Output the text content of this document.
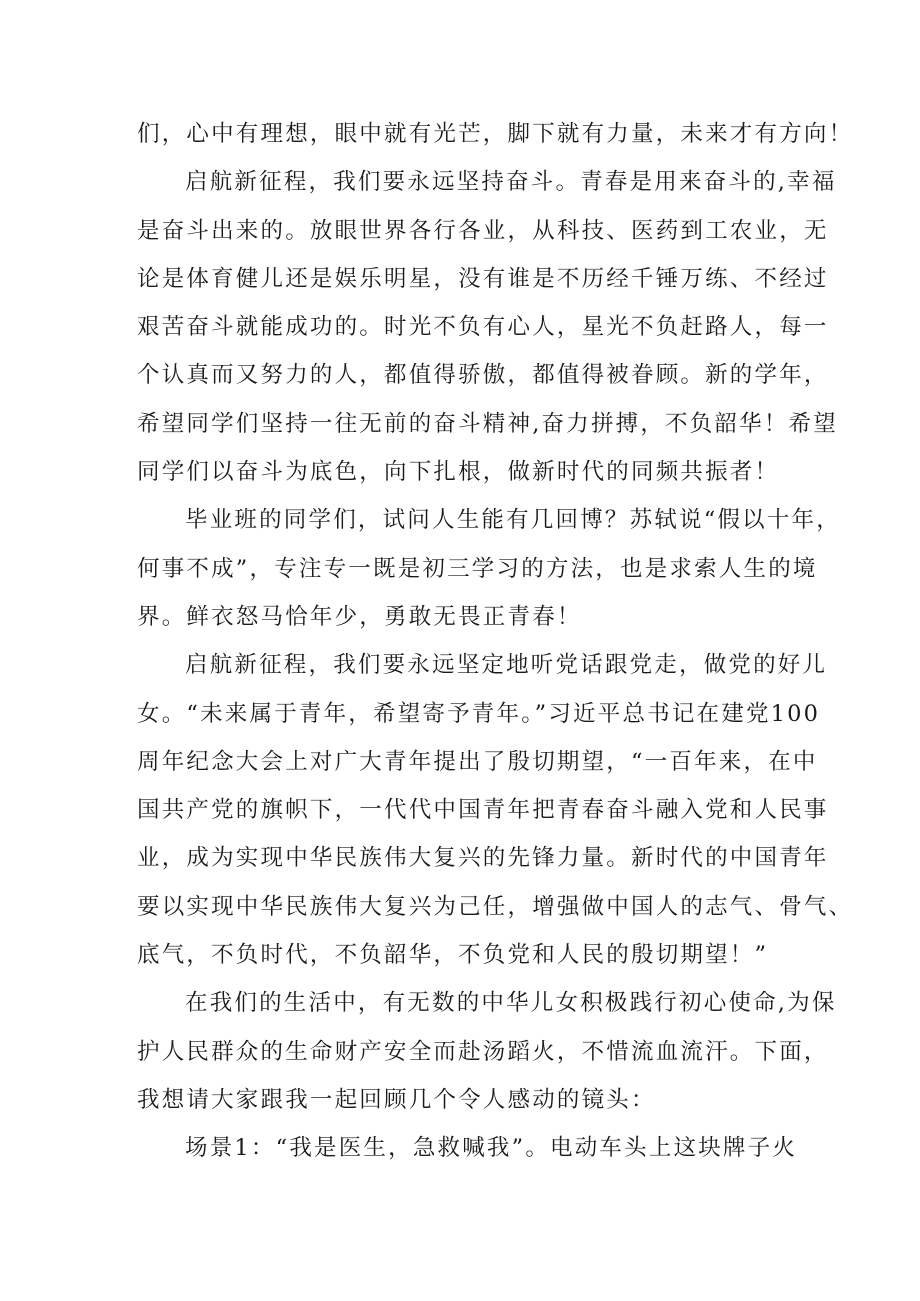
们，心中有理想，眼中就有光芒，脚下就有力量，未来才有方向！
启航新征程，我们要永远坚持奋斗。青春是用来奋斗的,幸福
是奋斗出来的。放眼世界各行各业，从科技、医药到工农业，无
论是体育健儿还是娱乐明星，没有谁是不历经千锤万练、不经过
艰苦奋斗就能成功的。时光不负有心人，星光不负赶路人，每一
个认真而又努力的人，都值得骄傲，都值得被眷顾。新的学年，
希望同学们坚持一往无前的奋斗精神,奋力拼搏，不负韶华！希望
同学们以奋斗为底色，向下扎根，做新时代的同频共振者！
毕业班的同学们，试问人生能有几回博？苏轼说“假以十年，
何事不成”，专注专一既是初三学习的方法，也是求索人生的境
界。鲜衣怒马恰年少，勇敢无畏正青春！
启航新征程，我们要永远坚定地听党话跟党走，做党的好儿
女。“未来属于青年，希望寄予青年。”习近平总书记在建党100
周年纪念大会上对广大青年提出了殷切期望，“一百年来，在中
国共产党的旗帜下，一代代中国青年把青春奋斗融入党和人民事
业，成为实现中华民族伟大复兴的先锋力量。新时代的中国青年
要以实现中华民族伟大复兴为己任，增强做中国人的志气、骨气、
底气，不负时代，不负韶华，不负党和人民的殷切期望！”
在我们的生活中，有无数的中华儿女积极践行初心使命,为保
护人民群众的生命财产安全而赴汤蹈火，不惜流血流汗。下面，
我想请大家跟我一起回顾几个令人感动的镜头：
场景1：“我是医生，急救喊我”。电动车头上这块牌子火
